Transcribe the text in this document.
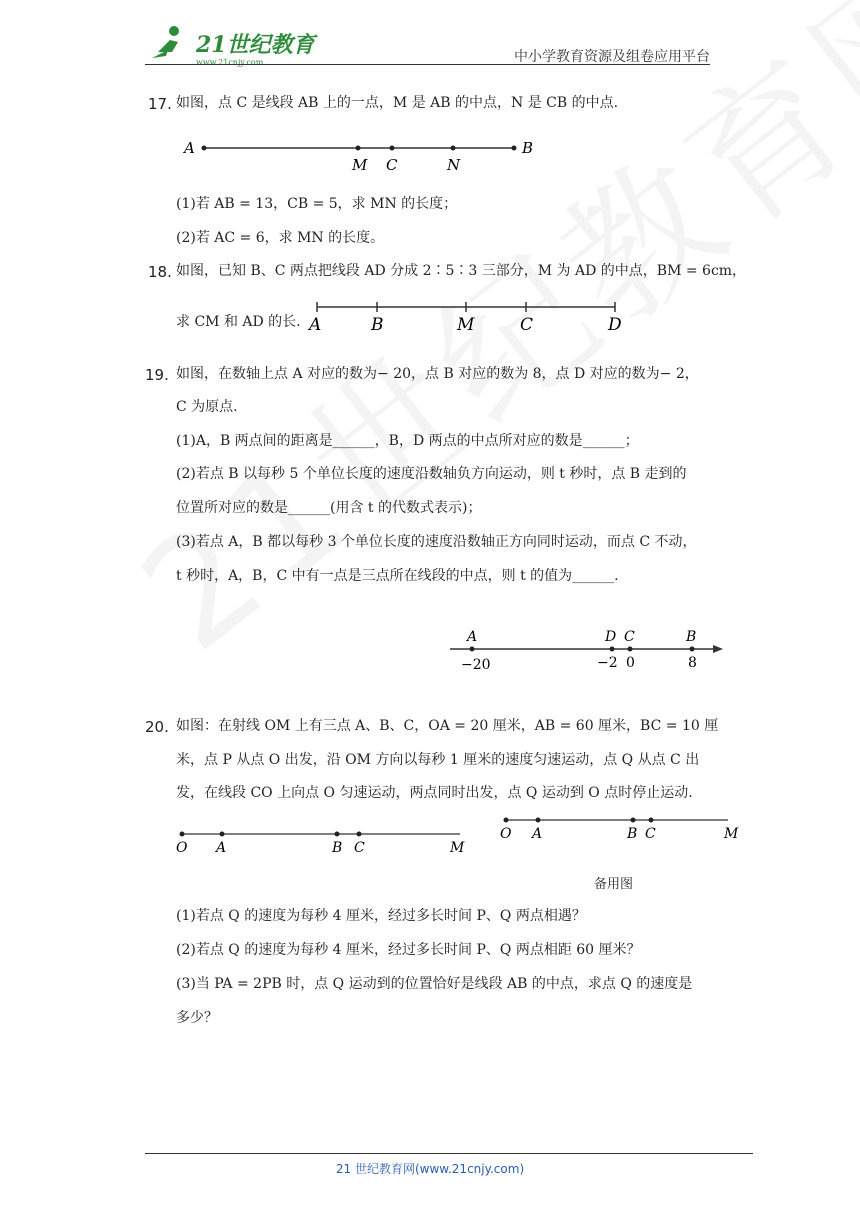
21世纪教育
www.21cnjy.com	中小学教育资源及组卷应用平台
17. 如图，点 C 是线段 AB 上的一点，M 是 AB 的中点，N 是 CB 的中点.
A
M C	N
B
(1)若 AB = 13，CB = 5，求 MN 的长度；
(2)若 AC = 6，求 MN 的长度。
18. 如图，已知 B、C 两点把线段 AD 分成 2∶5∶3 三部分，M 为 AD 的中点，BM = 6cm，
求 CM 和 AD 的长. A	B	M	C	D
19. 如图，在数轴上点 A 对应的数为− 20，点 B 对应的数为 8，点 D 对应的数为− 2，
C 为原点.
(1)A，B 两点间的距离是______，B，D 两点的中点所对应的数是______；
(2)若点 B 以每秒 5 个单位长度的速度沿数轴负方向运动，则 t 秒时，点 B 走到的
位置所对应的数是______(用含 t 的代数式表示)；
(3)若点 A，B 都以每秒 3 个单位长度的速度沿数轴正方向同时运动，而点 C 不动，
t 秒时，A，B，C 中有一点是三点所在线段的中点，则 t 的值为______.
A	D C	B
−20	−2 0	8
20. 如图：在射线 OM 上有三点 A、B、C，OA = 20 厘米，AB = 60 厘米，BC = 10 厘
米，点 P 从点 O 出发，沿 OM 方向以每秒 1 厘米的速度匀速运动，点 Q 从点 C 出
发，在线段 CO 上向点 O 匀速运动，两点同时出发，点 Q 运动到 O 点时停止运动.
O A	B C	M
O A	B C	M
备用图
(1)若点 Q 的速度为每秒 4 厘米，经过多长时间 P、Q 两点相遇？
(2)若点 Q 的速度为每秒 4 厘米，经过多长时间 P、Q 两点相距 60 厘米？
(3)当 PA = 2PB 时，点 Q 运动到的位置恰好是线段 AB 的中点，求点 Q 的速度是
多少？
21 世纪教育网(www.21cnjy.com)
